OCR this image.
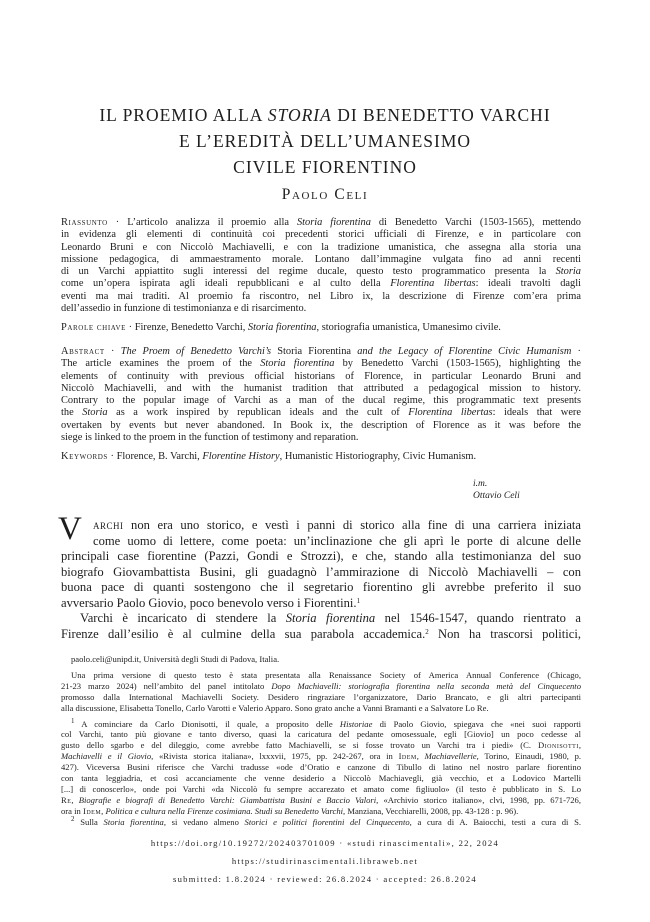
IL PROEMIO ALLA STORIA DI BENEDETTO VARCHI
E L’EREDITÀ DELL’UMANESIMO
CIVILE FIORENTINO
Paolo Celi
Riassunto · L’articolo analizza il proemio alla Storia fiorentina di Benedetto Varchi (1503-1565), mettendo
in evidenza gli elementi di continuità coi precedenti storici ufficiali di Firenze, e in particolare con
Leonardo Bruni e con Niccolò Machiavelli, e con la tradizione umanistica, che assegna alla storia una
missione pedagogica, di ammaestramento morale. Lontano dall’immagine vulgata fino ad anni recenti
di un Varchi appiattito sugli interessi del regime ducale, questo testo programmatico presenta la Storia
come un’opera ispirata agli ideali repubblicani e al culto della Florentina libertas: ideali travolti dagli
eventi ma mai traditi. Al proemio fa riscontro, nel Libro ix, la descrizione di Firenze com’era prima
dell’assedio in funzione di testimonianza e di risarcimento.
Parole chiave · Firenze, Benedetto Varchi, Storia fiorentina, storiografia umanistica, Umanesimo civile.
Abstract · The Proem of Benedetto Varchi’s Storia Fiorentina and the Legacy of Florentine Civic Humanism ·
The article examines the proem of the Storia fiorentina by Benedetto Varchi (1503-1565), highlighting the
elements of continuity with previous official historians of Florence, in particular Leonardo Bruni and
Niccolò Machiavelli, and with the humanist tradition that attributed a pedagogical mission to history.
Contrary to the popular image of Varchi as a man of the ducal regime, this programmatic text presents
the Storia as a work inspired by republican ideals and the cult of Florentina libertas: ideals that were
overtaken by events but never abandoned. In Book ix, the description of Florence as it was before the
siege is linked to the proem in the function of testimony and reparation.
Keywords · Florence, B. Varchi, Florentine History, Humanistic Historiography, Civic Humanism.
i.m.
Ottavio Celi
V archi non era uno storico, e vestì i panni di storico alla fine di una carriera iniziata
come uomo di lettere, come poeta: un’inclinazione che gli aprì le porte di alcune delle
principali case fiorentine (Pazzi, Gondi e Strozzi), e che, stando alla testimonianza del suo
biografo Giovambattista Busini, gli guadagnò l’ammirazione di Niccolò Machiavelli – con
buona pace di quanti sostengono che il segretario fiorentino gli avrebbe preferito il suo
avversario Paolo Giovio, poco benevolo verso i Fiorentini.$^1$
Varchi è incaricato di stendere la Storia fiorentina nel 1546-1547, quando rientrato a
Firenze dall’esilio è al culmine della sua parabola accademica.$^2$ Non ha trascorsi politici,
paolo.celi@unipd.it, Università degli Studi di Padova, Italia.
Una prima versione di questo testo è stata presentata alla Renaissance Society of America Annual Conference (Chicago,
21-23 marzo 2024) nell’ambito del panel intitolato Dopo Machiavelli: storiografia fiorentina nella seconda metà del Cinquecento
promosso dalla International Machiavelli Society. Desidero ringraziare l’organizzatore, Dario Brancato, e gli altri partecipanti
alla discussione, Elisabetta Tonello, Carlo Varotti e Valerio Apparo. Sono grato anche a Vanni Bramanti e a Salvatore Lo Re.
$^1$ A cominciare da Carlo Dionisotti, il quale, a proposito delle Historiae di Paolo Giovio, spiegava che «nei suoi rapporti
col Varchi, tanto più giovane e tanto diverso, quasi la caricatura del pedante omosessuale, egli [Giovio] un poco cedesse al
gusto dello sgarbo e del dileggio, come avrebbe fatto Machiavelli, se si fosse trovato un Varchi tra i piedi» (C. Dionisotti,
Machiavelli e il Giovio, «Rivista storica italiana», lxxxvii, 1975, pp. 242-267, ora in Idem, Machiavellerie, Torino, Einaudi, 1980, p.
427). Viceversa Busini riferisce che Varchi tradusse «ode d’Oratio e canzone di Tibullo di latino nel nostro parlare fiorentino
con tanta leggiadria, et così accanciamente che venne desiderio a Niccolò Machiavegli, già vecchio, et a Lodovico Martelli
[...] di conoscerlo», onde poi Varchi «da Niccolò fu sempre accarezato et amato come figliuolo» (il testo è pubblicato in S. Lo
Re, Biografie e biografi di Benedetto Varchi: Giambattista Busini e Baccio Valori, «Archivio storico italiano», clvi, 1998, pp. 671-726,
ora in Idem, Politica e cultura nella Firenze cosimiana. Studi su Benedetto Varchi, Manziana, Vecchiarelli, 2008, pp. 43-128 : p. 96).
$^2$ Sulla Storia fiorentina, si vedano almeno Storici e politici fiorentini del Cinquecento, a cura di A. Baiocchi, testi a cura di S.
https://doi.org/10.19272/202403701009 · «studi rinascimentali», 22, 2024
https://studirinascimentali.libraweb.net
submitted: 1.8.2024 · reviewed: 26.8.2024 · accepted: 26.8.2024
